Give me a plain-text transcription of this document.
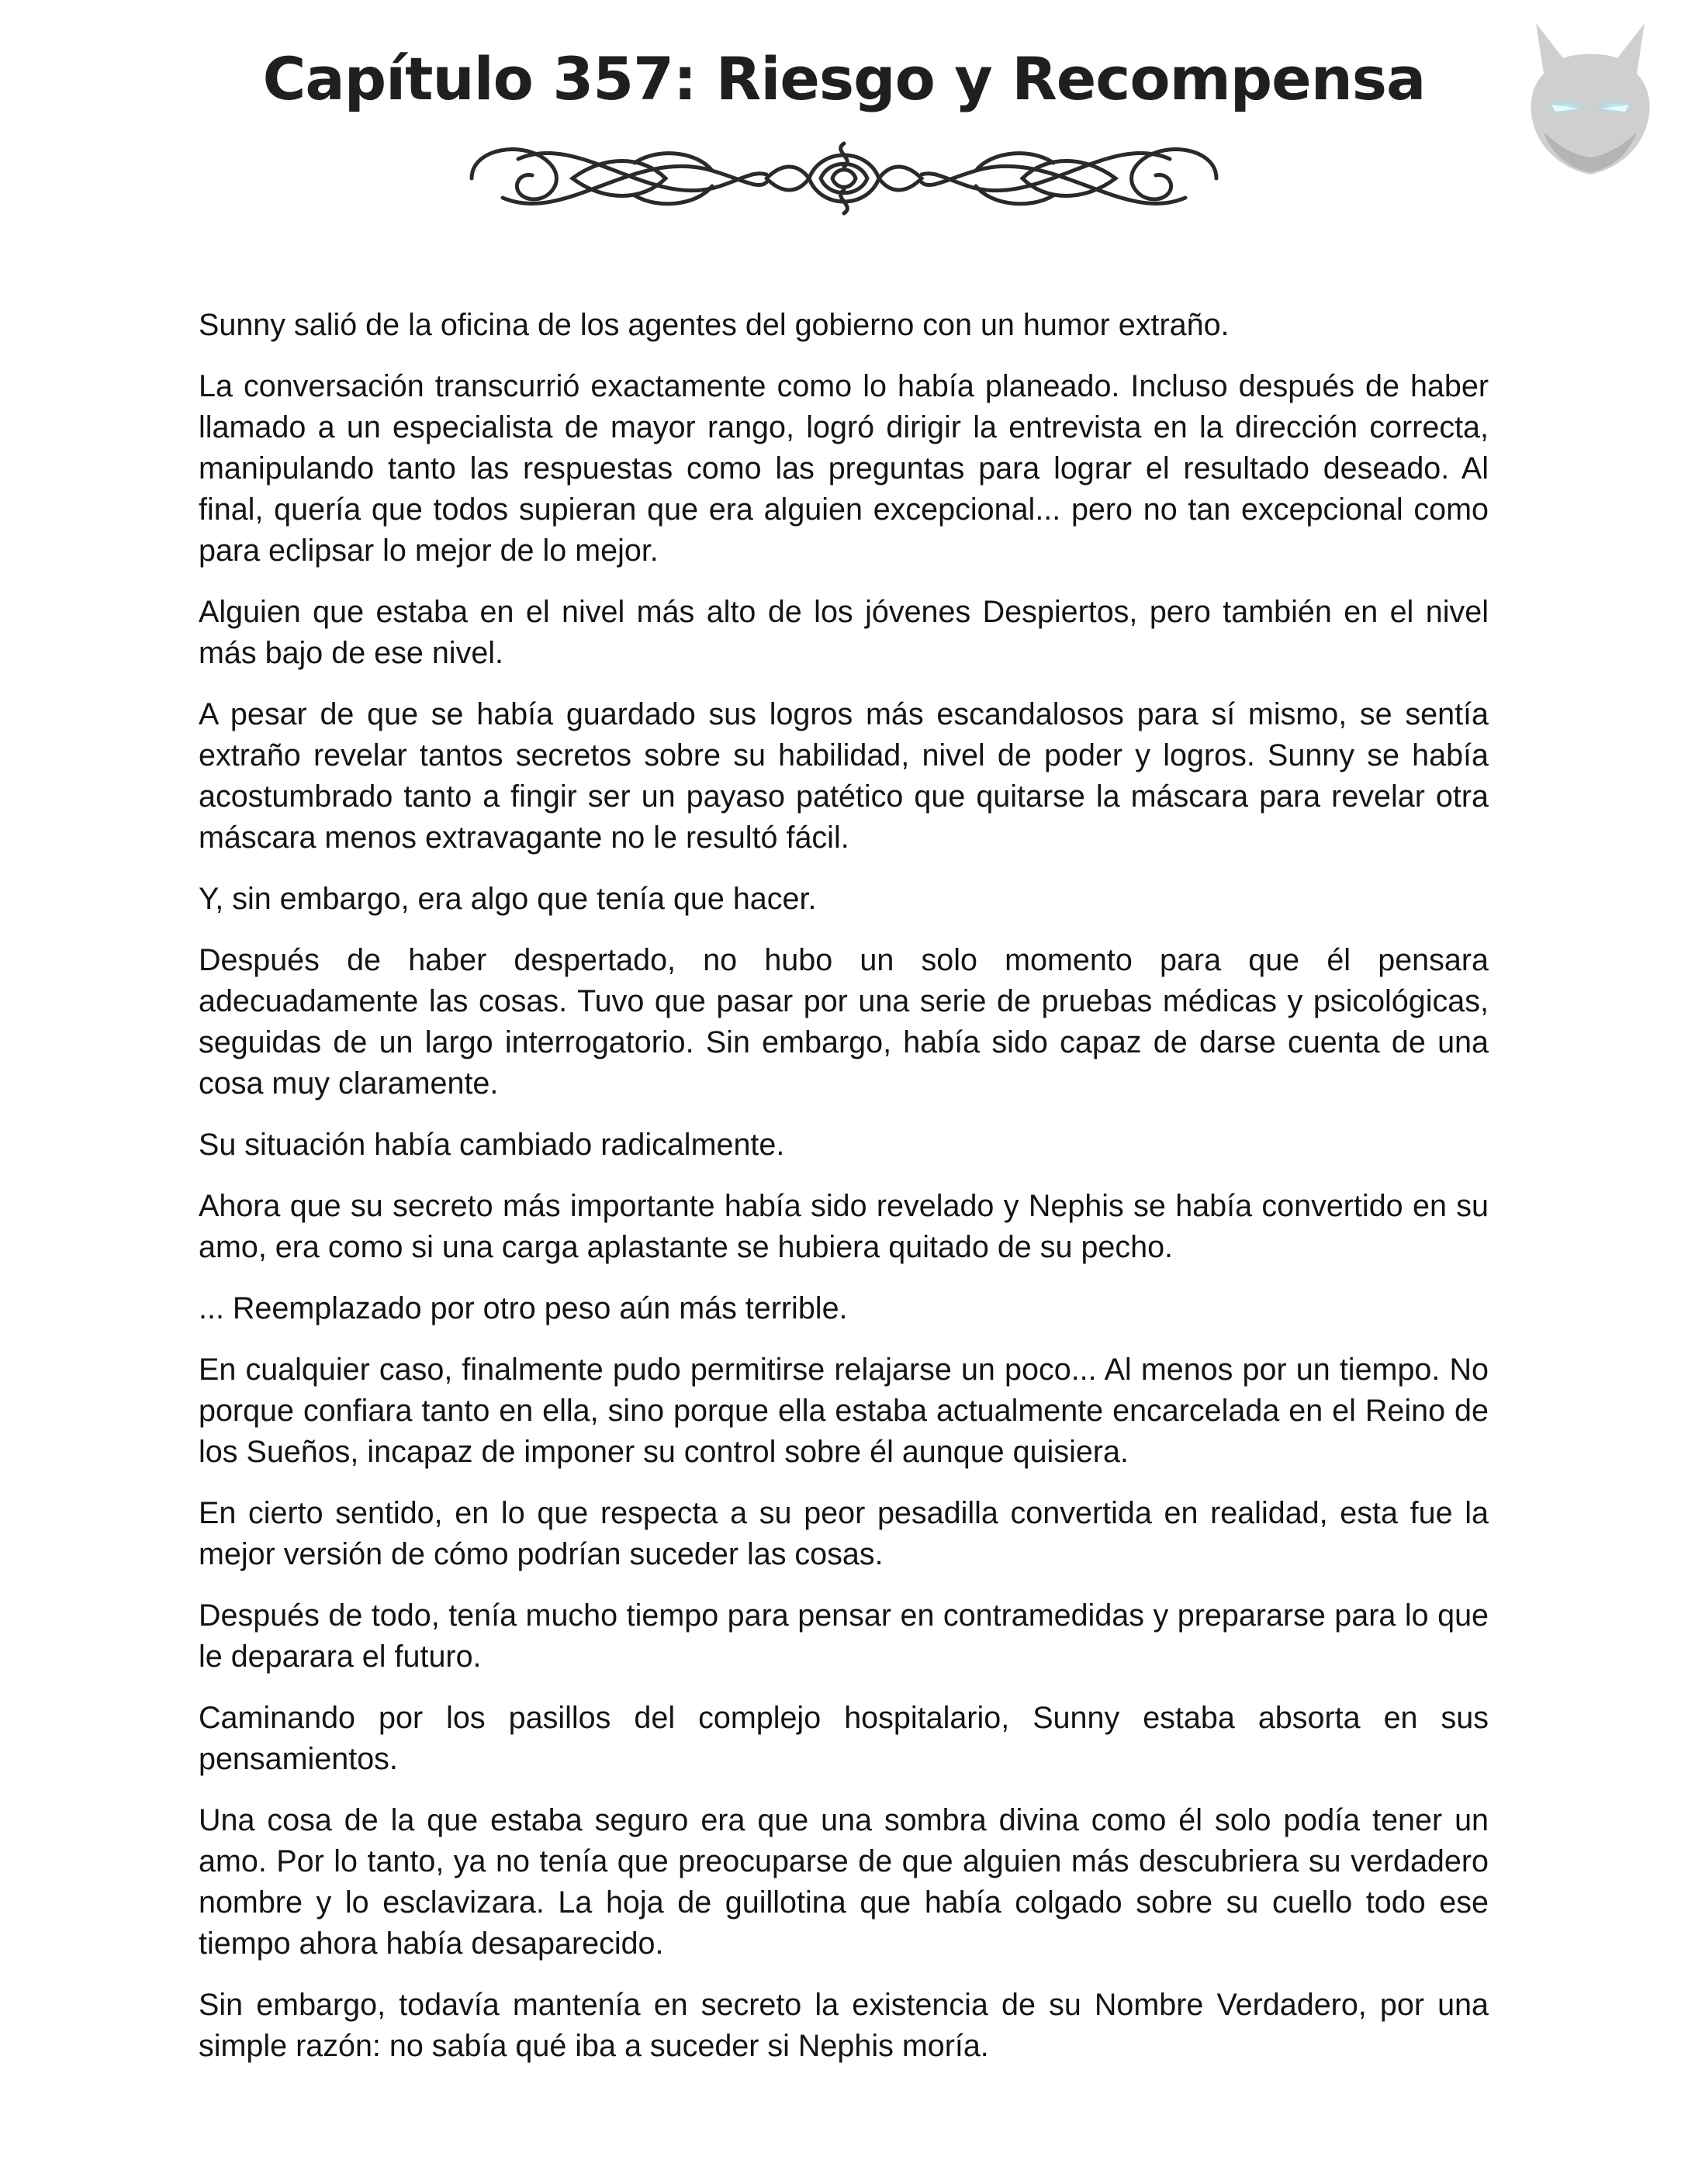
Capítulo 357: Riesgo y Recompensa

Sunny salió de la oficina de los agentes del gobierno con un humor extraño.

La conversación transcurrió exactamente como lo había planeado. Incluso después de haber llamado a un especialista de mayor rango, logró dirigir la entrevista en la dirección correcta, manipulando tanto las respuestas como las preguntas para lograr el resultado deseado. Al final, quería que todos supieran que era alguien excepcional... pero no tan excepcional como para eclipsar lo mejor de lo mejor.

Alguien que estaba en el nivel más alto de los jóvenes Despiertos, pero también en el nivel más bajo de ese nivel.

A pesar de que se había guardado sus logros más escandalosos para sí mismo, se sentía extraño revelar tantos secretos sobre su habilidad, nivel de poder y logros. Sunny se había acostumbrado tanto a fingir ser un payaso patético que quitarse la máscara para revelar otra máscara menos extravagante no le resultó fácil.

Y, sin embargo, era algo que tenía que hacer.

Después de haber despertado, no hubo un solo momento para que él pensara adecuadamente las cosas. Tuvo que pasar por una serie de pruebas médicas y psicológicas, seguidas de un largo interrogatorio. Sin embargo, había sido capaz de darse cuenta de una cosa muy claramente.

Su situación había cambiado radicalmente.

Ahora que su secreto más importante había sido revelado y Nephis se había convertido en su amo, era como si una carga aplastante se hubiera quitado de su pecho.

... Reemplazado por otro peso aún más terrible.

En cualquier caso, finalmente pudo permitirse relajarse un poco... Al menos por un tiempo. No porque confiara tanto en ella, sino porque ella estaba actualmente encarcelada en el Reino de los Sueños, incapaz de imponer su control sobre él aunque quisiera.

En cierto sentido, en lo que respecta a su peor pesadilla convertida en realidad, esta fue la mejor versión de cómo podrían suceder las cosas.

Después de todo, tenía mucho tiempo para pensar en contramedidas y prepararse para lo que le deparara el futuro.

Caminando por los pasillos del complejo hospitalario, Sunny estaba absorta en sus pensamientos.

Una cosa de la que estaba seguro era que una sombra divina como él solo podía tener un amo. Por lo tanto, ya no tenía que preocuparse de que alguien más descubriera su verdadero nombre y lo esclavizara. La hoja de guillotina que había colgado sobre su cuello todo ese tiempo ahora había desaparecido.

Sin embargo, todavía mantenía en secreto la existencia de su Nombre Verdadero, por una simple razón: no sabía qué iba a suceder si Nephis moría.
